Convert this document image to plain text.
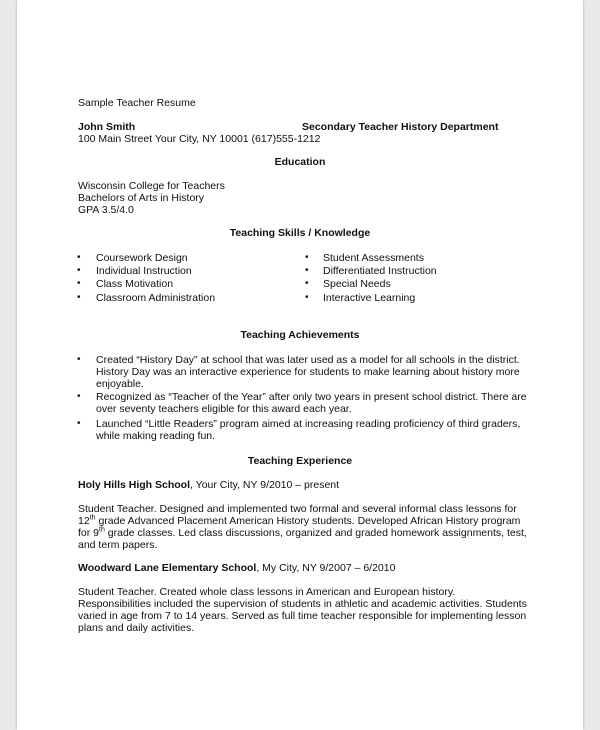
Sample Teacher Resume
John Smith	Secondary Teacher History Department
100 Main Street Your City, NY 10001 (617)555-1212
Education
Wisconsin College for Teachers
Bachelors of Arts in History
GPA 3.5/4.0
Teaching Skills / Knowledge
• Coursework Design
• Individual Instruction
• Class Motivation
• Classroom Administration
• Student Assessments
• Differentiated Instruction
• Special Needs
• Interactive Learning
Teaching Achievements
• Created “History Day” at school that was later used as a model for all schools in the district.
History Day was an interactive experience for students to make learning about history more
enjoyable.
• Recognized as “Teacher of the Year” after only two years in present school district. There are
over seventy teachers eligible for this award each year.
• Launched “Little Readers” program aimed at increasing reading proficiency of third graders,
while making reading fun.
Teaching Experience
Holy Hills High School, Your City, NY 9/2010 – present
Student Teacher. Designed and implemented two formal and several informal class lessons for
12th grade Advanced Placement American History students. Developed African History program
for 9th grade classes. Led class discussions, organized and graded homework assignments, test,
and term papers.
Woodward Lane Elementary School, My City, NY 9/2007 – 6/2010
Student Teacher. Created whole class lessons in American and European history.
Responsibilities included the supervision of students in athletic and academic activities. Students
varied in age from 7 to 14 years. Served as full time teacher responsible for implementing lesson
plans and daily activities.
